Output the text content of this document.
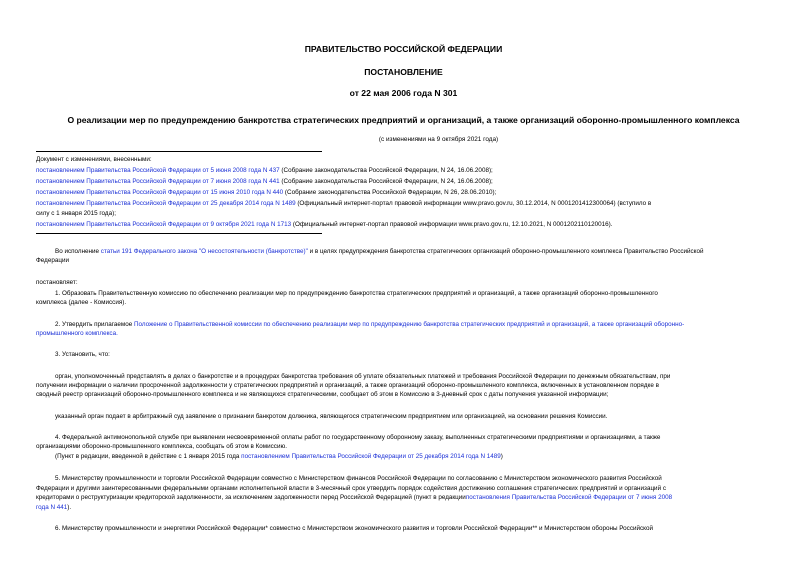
ПРАВИТЕЛЬСТВО РОССИЙСКОЙ ФЕДЕРАЦИИ
ПОСТАНОВЛЕНИЕ
от 22 мая 2006 года N 301
О реализации мер по предупреждению банкротства стратегических предприятий и организаций, а также организаций оборонно-промышленного комплекса
(с изменениями на 9 октября 2021 года)
Документ с изменениями, внесенными:
постановлением Правительства Российской Федерации от 5 июня 2008 года N 437 (Собрание законодательства Российской Федерации, N 24, 16.06.2008);
постановлением Правительства Российской Федерации от 7 июня 2008 года N 441 (Собрание законодательства Российской Федерации, N 24, 16.06.2008);
постановлением Правительства Российской Федерации от 15 июня 2010 года N 440 (Собрание законодательства Российской Федерации, N 26, 28.06.2010);
постановлением Правительства Российской Федерации от 25 декабря 2014 года N 1489 (Официальный интернет-портал правовой информации www.pravo.gov.ru, 30.12.2014, N 0001201412300064) (вступило в
силу с 1 января 2015 года);
постановлением Правительства Российской Федерации от 9 октября 2021 года N 1713 (Официальный интернет-портал правовой информации www.pravo.gov.ru, 12.10.2021, N 0001202110120016).
Во исполнение статьи 191 Федерального закона "О несостоятельности (банкротстве)" и в целях предупреждения банкротства стратегических организаций оборонно-промышленного комплекса Правительство Российской
Федерации
постановляет:
1. Образовать Правительственную комиссию по обеспечению реализации мер по предупреждению банкротства стратегических предприятий и организаций, а также организаций оборонно-промышленного
комплекса (далее - Комиссия).
2. Утвердить прилагаемое Положение о Правительственной комиссии по обеспечению реализации мер по предупреждению банкротства стратегических предприятий и организаций, а также организаций оборонно-
промышленного комплекса.
3. Установить, что:
орган, уполномоченный представлять в делах о банкротстве и в процедурах банкротства требования об уплате обязательных платежей и требования Российской Федерации по денежным обязательствам, при
получении информации о наличии просроченной задолженности у стратегических предприятий и организаций, а также организаций оборонно-промышленного комплекса, включенных в установленном порядке в
сводный реестр организаций оборонно-промышленного комплекса и не являющихся стратегическими, сообщает об этом в Комиссию в 3-дневный срок с даты получения указанной информации;
указанный орган подает в арбитражный суд заявление о признании банкротом должника, являющегося стратегическим предприятием или организацией, на основании решения Комиссии.
4. Федеральной антимонопольной службе при выявлении несвоевременной оплаты работ по государственному оборонному заказу, выполненных стратегическими предприятиями и организациями, а также
организациями оборонно-промышленного комплекса, сообщать об этом в Комиссию.
(Пункт в редакции, введенной в действие с 1 января 2015 года постановлением Правительства Российской Федерации от 25 декабря 2014 года N 1489)
5. Министерству промышленности и торговли Российской Федерации совместно с Министерством финансов Российской Федерации по согласованию с Министерством экономического развития Российской
Федерации и другими заинтересованными федеральными органами исполнительной власти в 3-месячный срок утвердить порядок содействия достижению соглашения стратегических предприятий и организаций с
кредиторами о реструктуризации кредиторской задолженности, за исключением задолженности перед Российской Федерацией (пункт в редакциипостановления Правительства Российской Федерации от 7 июня 2008
года N 441).
6. Министерству промышленности и энергетики Российской Федерации* совместно с Министерством экономического развития и торговли Российской Федерации** и Министерством обороны Российской
